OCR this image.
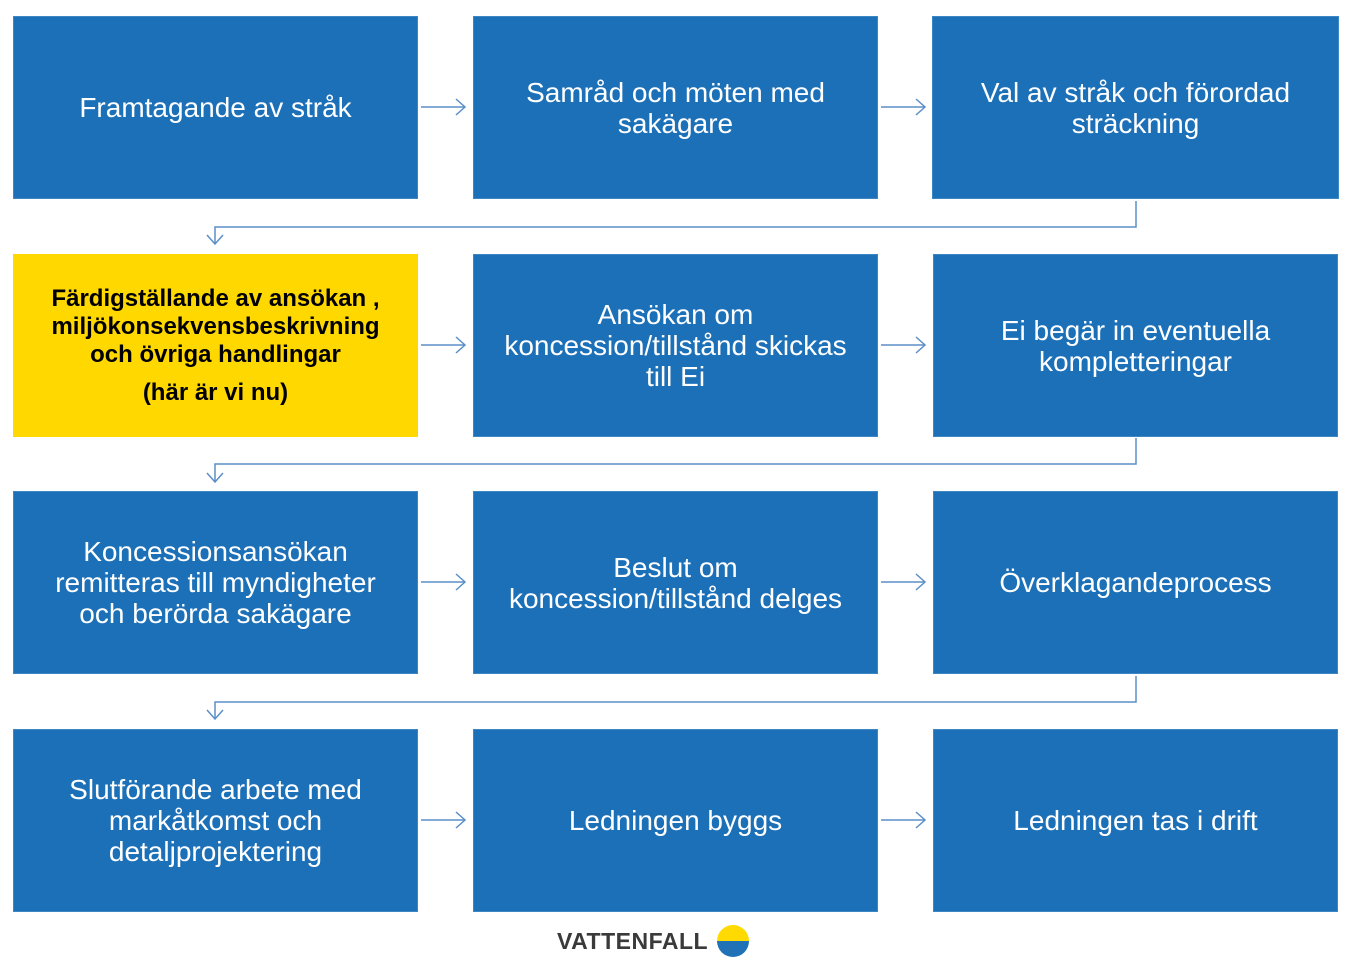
Framtagande av stråk	Samråd och möten med
sakägare
Val av stråk och förordad
sträckning
Färdigställande av ansökan ,
miljökonsekvensbeskrivning
och övriga handlingar
(här är vi nu)
Ansökan om
koncession/tillstånd skickas
till Ei
Ei begär in eventuella
kompletteringar
Koncessionsansökan
remitteras till myndigheter
och berörda sakägare
Beslut om
koncession/tillstånd delges	Överklagandeprocess
Slutförande arbete med
markåtkomst och
detaljprojektering
Ledningen byggs	Ledningen tas i drift
VATTENFALL
